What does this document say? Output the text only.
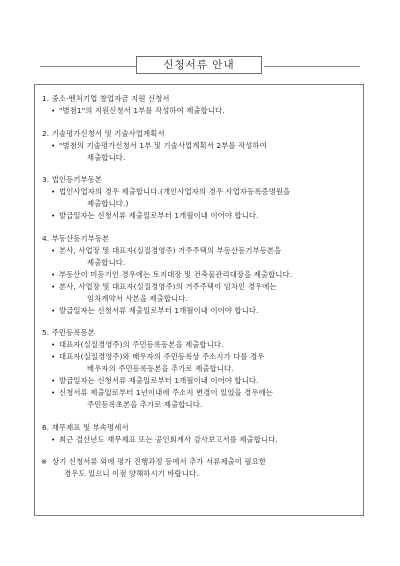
신청서류 안내
1. 중소·벤처기업 창업자금 지원 신청서
• "별첨1"의 지원신청서 1부를 작성하여 제출합니다.
2. 기술평가신청서 및 기술사업계획서
• "별첨의 기술평가신청서 1부 및 기술사업계획서 2부를 작성하여
제출합니다.
3. 법인등기부등본
• 법인사업자의 경우 제출합니다.(개인사업자의 경우 사업자등록증명원을
제출합니다.)
• 발급일자는 신청서류 제출일로부터 1개월이내 이어야 합니다.
4. 부동산등기부등본
• 본사, 사업장 및 대표자(실질경영주) 거주주택의 부동산등기부등본을
제출합니다.
• 부동산이 미등기인 경우에는 토지대장 및 건축물관리대장을 제출합니다.
• 본사, 사업장 및 대표자(실질경영주)의 거주주택이 임차인 경우에는
임차계약서 사본을 제출합니다.
• 발급일자는 신청서류 제출일로부터 1개월이내 이어야 합니다.
5. 주민등록등본
• 대표자(실질경영주)의 주민등록등본을 제출합니다.
• 대표자(실질경영주)와 배우자의 주민등록상 주소지가 다를 경우
배우자의 주민등록등본을 추가로 제출합니다.
• 발급일자는 신청서류 제출일로부터 1개월이내 이어야 합니다.
• 신청서류 제출일로부터 1년이내에 주소지 변경이 있었을 경우에는
주민등록초본을 추가로 제출합니다.
6. 재무제표 및 부속명세서
• 최근 결산년도 재무제표 또는 공인회계사 감사보고서를 제출합니다.
※ 상기 신청서류 외에 평가 진행과정 등에서 추가 서류제출이 필요한
경우도 있으니 이점 양해하시기 바랍니다.
